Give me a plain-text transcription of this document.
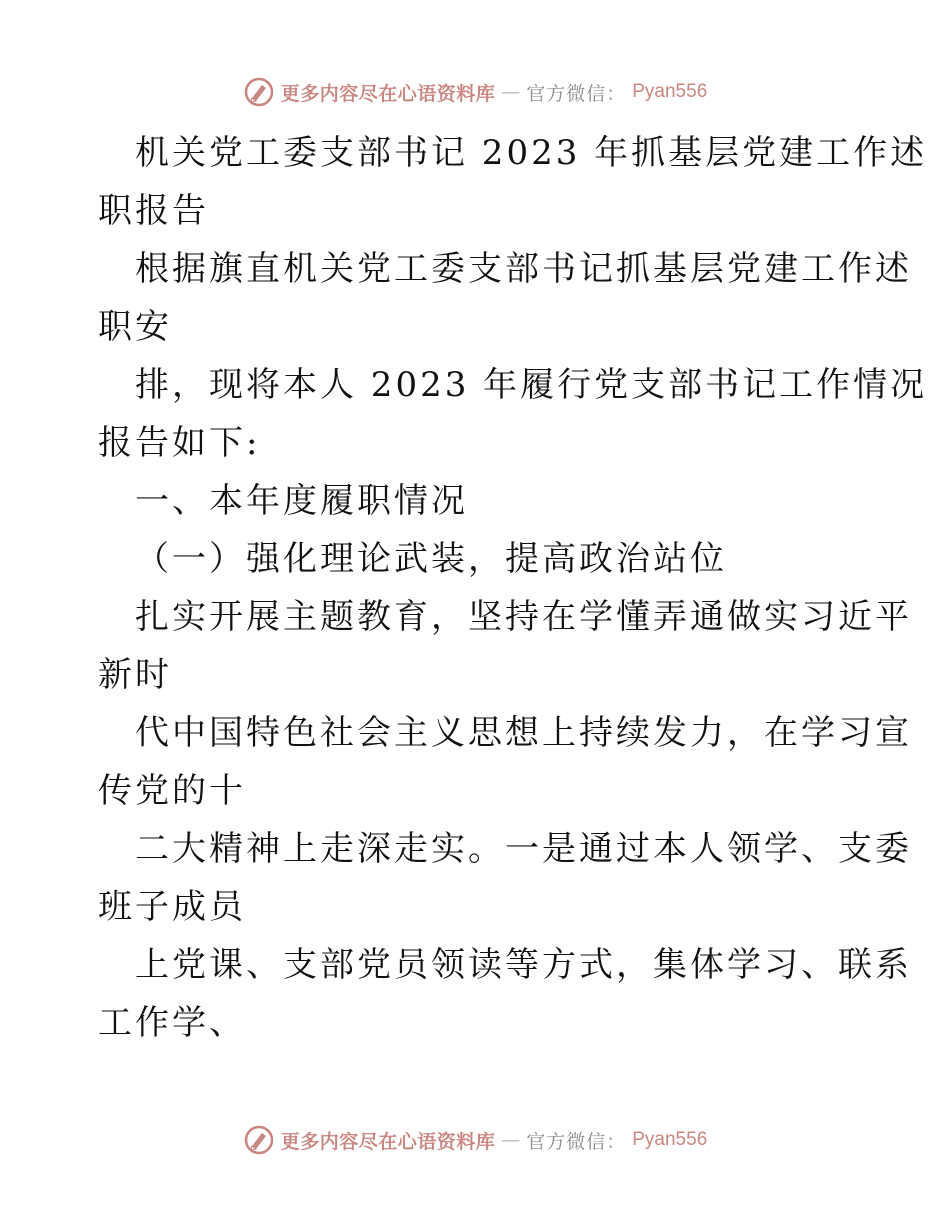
更多内容尽在心语资料库 — 官方微信： Pyan556
机关党工委支部书记 2023 年抓基层党建工作述
职报告
根据旗直机关党工委支部书记抓基层党建工作述
职安
排，现将本人 2023 年履行党支部书记工作情况
报告如下:
一、本年度履职情况
（一）强化理论武装，提高政治站位
扎实开展主题教育，坚持在学懂弄通做实习近平
新时
代中国特色社会主义思想上持续发力，在学习宣
传党的十
二大精神上走深走实。一是通过本人领学、支委
班子成员
上党课、支部党员领读等方式，集体学习、联系
工作学、
更多内容尽在心语资料库 — 官方微信： Pyan556
